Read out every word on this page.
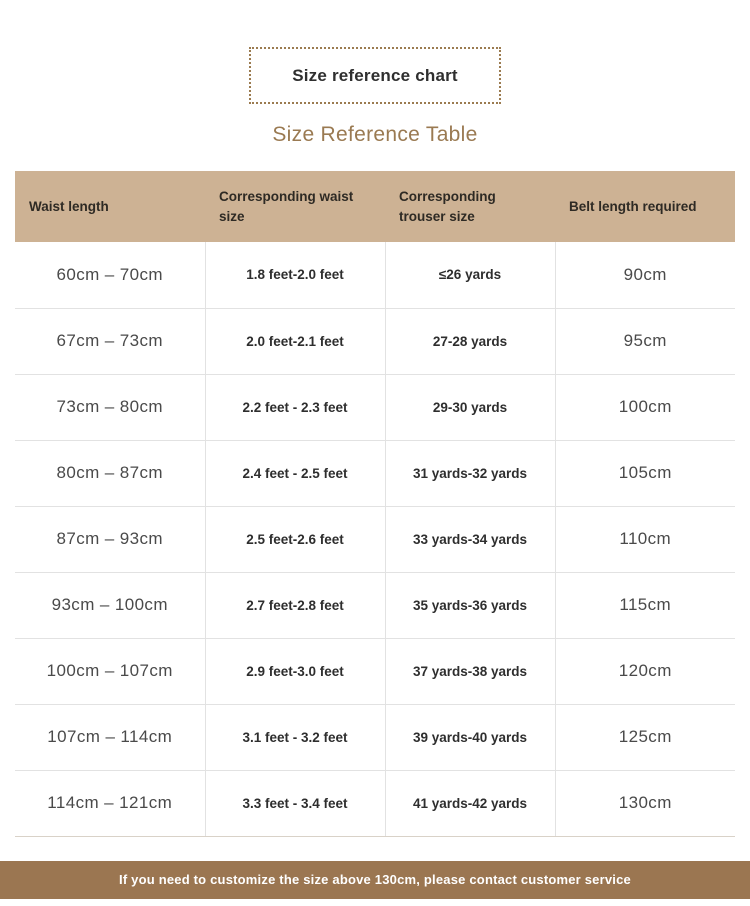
Size reference chart
Size Reference Table
Waist length	Corresponding waist size	Corresponding trouser size	Belt length required
60cm – 70cm	1.8 feet-2.0 feet	≤26 yards	90cm
67cm – 73cm	2.0 feet-2.1 feet	27-28 yards	95cm
73cm – 80cm	2.2 feet - 2.3 feet	29-30 yards	100cm
80cm – 87cm	2.4 feet - 2.5 feet	31 yards-32 yards	105cm
87cm – 93cm	2.5 feet-2.6 feet	33 yards-34 yards	110cm
93cm – 100cm	2.7 feet-2.8 feet	35 yards-36 yards	115cm
100cm – 107cm	2.9 feet-3.0 feet	37 yards-38 yards	120cm
107cm – 114cm	3.1 feet - 3.2 feet	39 yards-40 yards	125cm
114cm – 121cm	3.3 feet - 3.4 feet	41 yards-42 yards	130cm
If you need to customize the size above 130cm, please contact customer service
